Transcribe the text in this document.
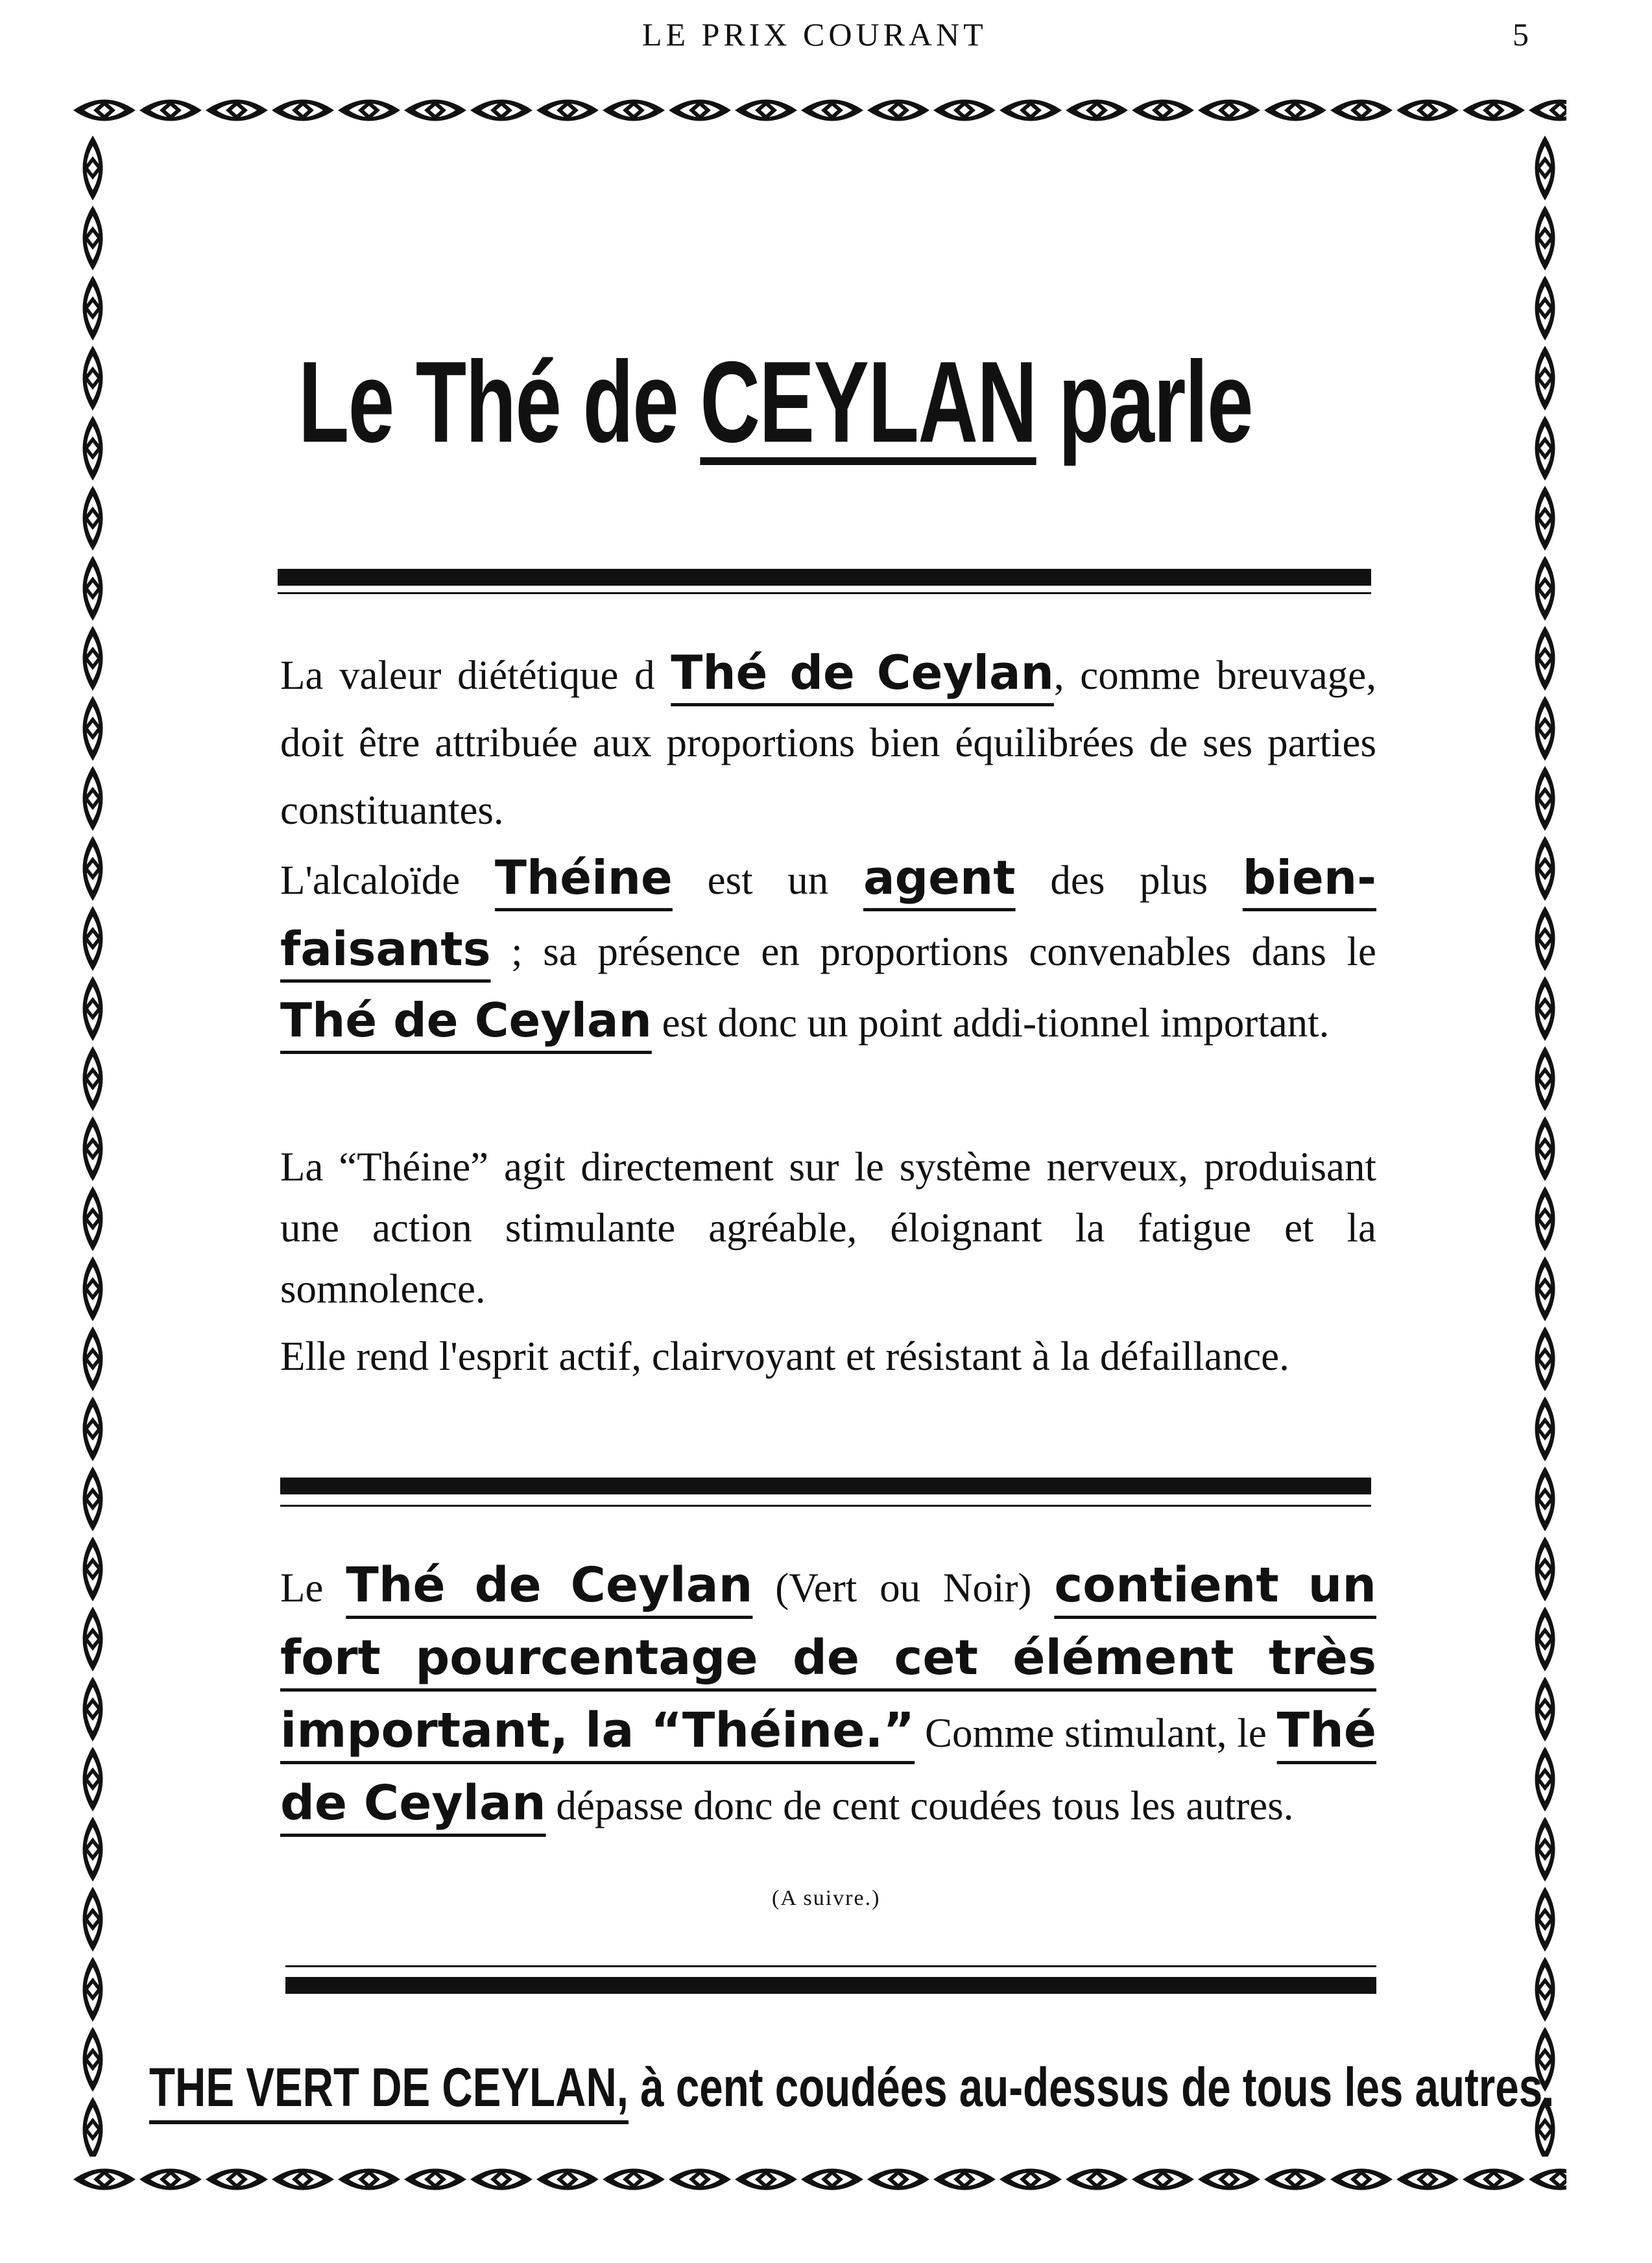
LE PRIX COURANT	5
Le Thé de CEYLAN parle
La valeur diététique d Thé de Ceylan, comme breuvage, doit être attribuée aux proportions bien équilibrées de ses parties constituantes.
L'alcaloïde Théine est un agent des plus bien-faisants ; sa présence en proportions convenables dans le Thé de Ceylan est donc un point addi-tionnel important.
La “Théine” agit directement sur le système nerveux, produisant une action stimulante agréable, éloignant la fatigue et la somnolence.
Elle rend l'esprit actif, clairvoyant et résistant à la défaillance.
Le Thé de Ceylan (Vert ou Noir) contient un fort pourcentage de cet élément très important, la “Théine.” Comme stimulant, le Thé de Ceylan dépasse donc de cent coudées tous les autres.
(A suivre.)
THE VERT DE CEYLAN, à cent coudées au-dessus de tous les autres.
